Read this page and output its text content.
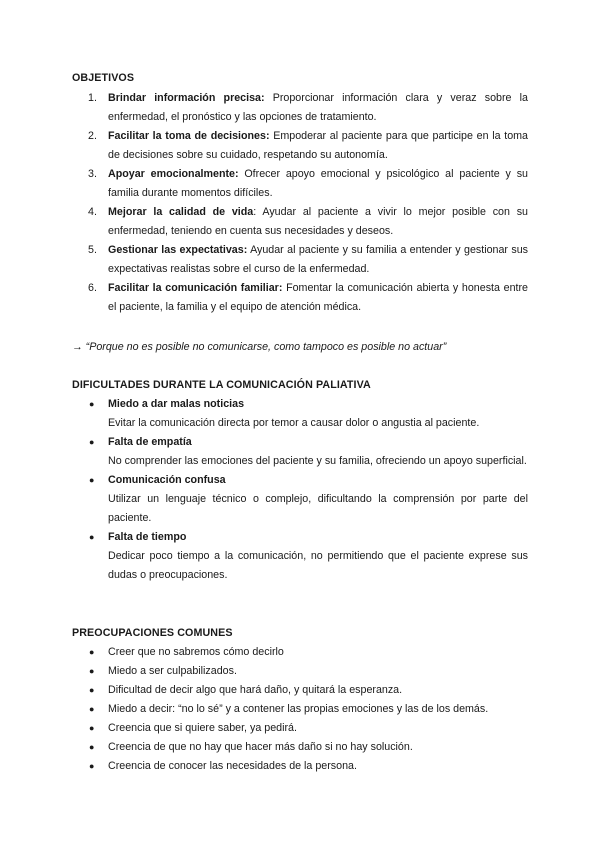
OBJETIVOS
1. Brindar información precisa: Proporcionar información clara y veraz sobre la enfermedad, el pronóstico y las opciones de tratamiento.
2. Facilitar la toma de decisiones: Empoderar al paciente para que participe en la toma de decisiones sobre su cuidado, respetando su autonomía.
3. Apoyar emocionalmente: Ofrecer apoyo emocional y psicológico al paciente y su familia durante momentos difíciles.
4. Mejorar la calidad de vida: Ayudar al paciente a vivir lo mejor posible con su enfermedad, teniendo en cuenta sus necesidades y deseos.
5. Gestionar las expectativas: Ayudar al paciente y su familia a entender y gestionar sus expectativas realistas sobre el curso de la enfermedad.
6. Facilitar la comunicación familiar: Fomentar la comunicación abierta y honesta entre el paciente, la familia y el equipo de atención médica.
→ “Porque no es posible no comunicarse, como tampoco es posible no actuar”
DIFICULTADES DURANTE LA COMUNICACIÓN PALIATIVA
● Miedo a dar malas noticias
Evitar la comunicación directa por temor a causar dolor o angustia al paciente.
● Falta de empatía
No comprender las emociones del paciente y su familia, ofreciendo un apoyo superficial.
● Comunicación confusa
Utilizar un lenguaje técnico o complejo, dificultando la comprensión por parte del paciente.
● Falta de tiempo
Dedicar poco tiempo a la comunicación, no permitiendo que el paciente exprese sus dudas o preocupaciones.
PREOCUPACIONES COMUNES
● Creer que no sabremos cómo decirlo
● Miedo a ser culpabilizados.
● Dificultad de decir algo que hará daño, y quitará la esperanza.
● Miedo a decir: “no lo sé” y a contener las propias emociones y las de los demás.
● Creencia que si quiere saber, ya pedirá.
● Creencia de que no hay que hacer más daño si no hay solución.
● Creencia de conocer las necesidades de la persona.
